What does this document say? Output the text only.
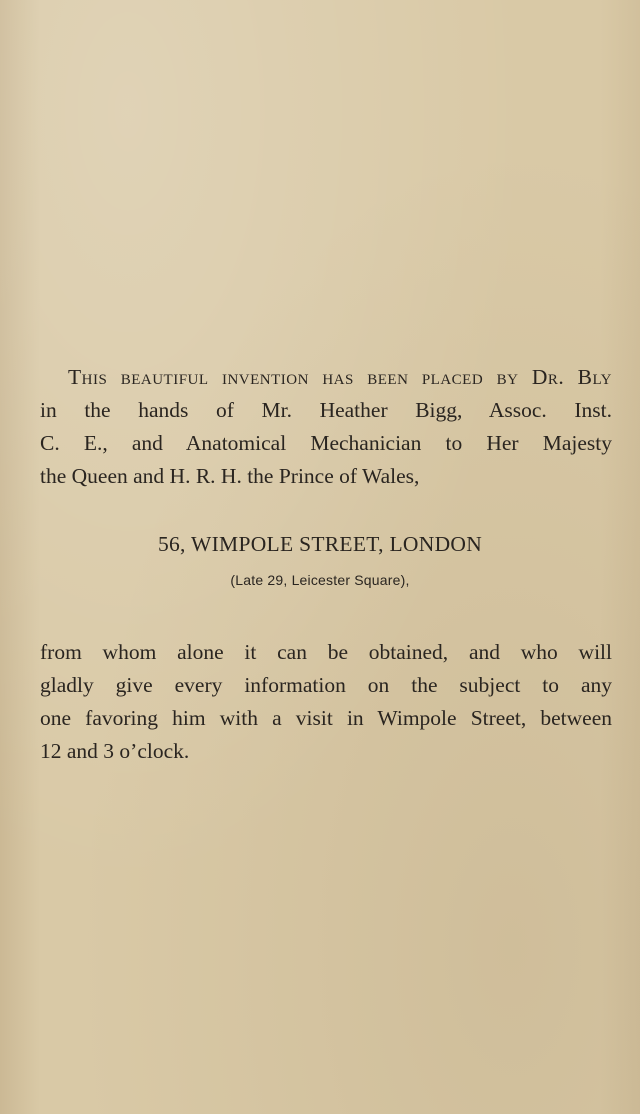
This beautiful invention has been placed by Dr. Bly
in the hands of Mr. Heather Bigg, Assoc. Inst.
C. E., and Anatomical Mechanician to Her Majesty
the Queen and H. R. H. the Prince of Wales,

56, WIMPOLE STREET, LONDON

(Late 29, Leicester Square),

from whom alone it can be obtained, and who will
gladly give every information on the subject to any
one favoring him with a visit in Wimpole Street, between
12 and 3 o’clock.
